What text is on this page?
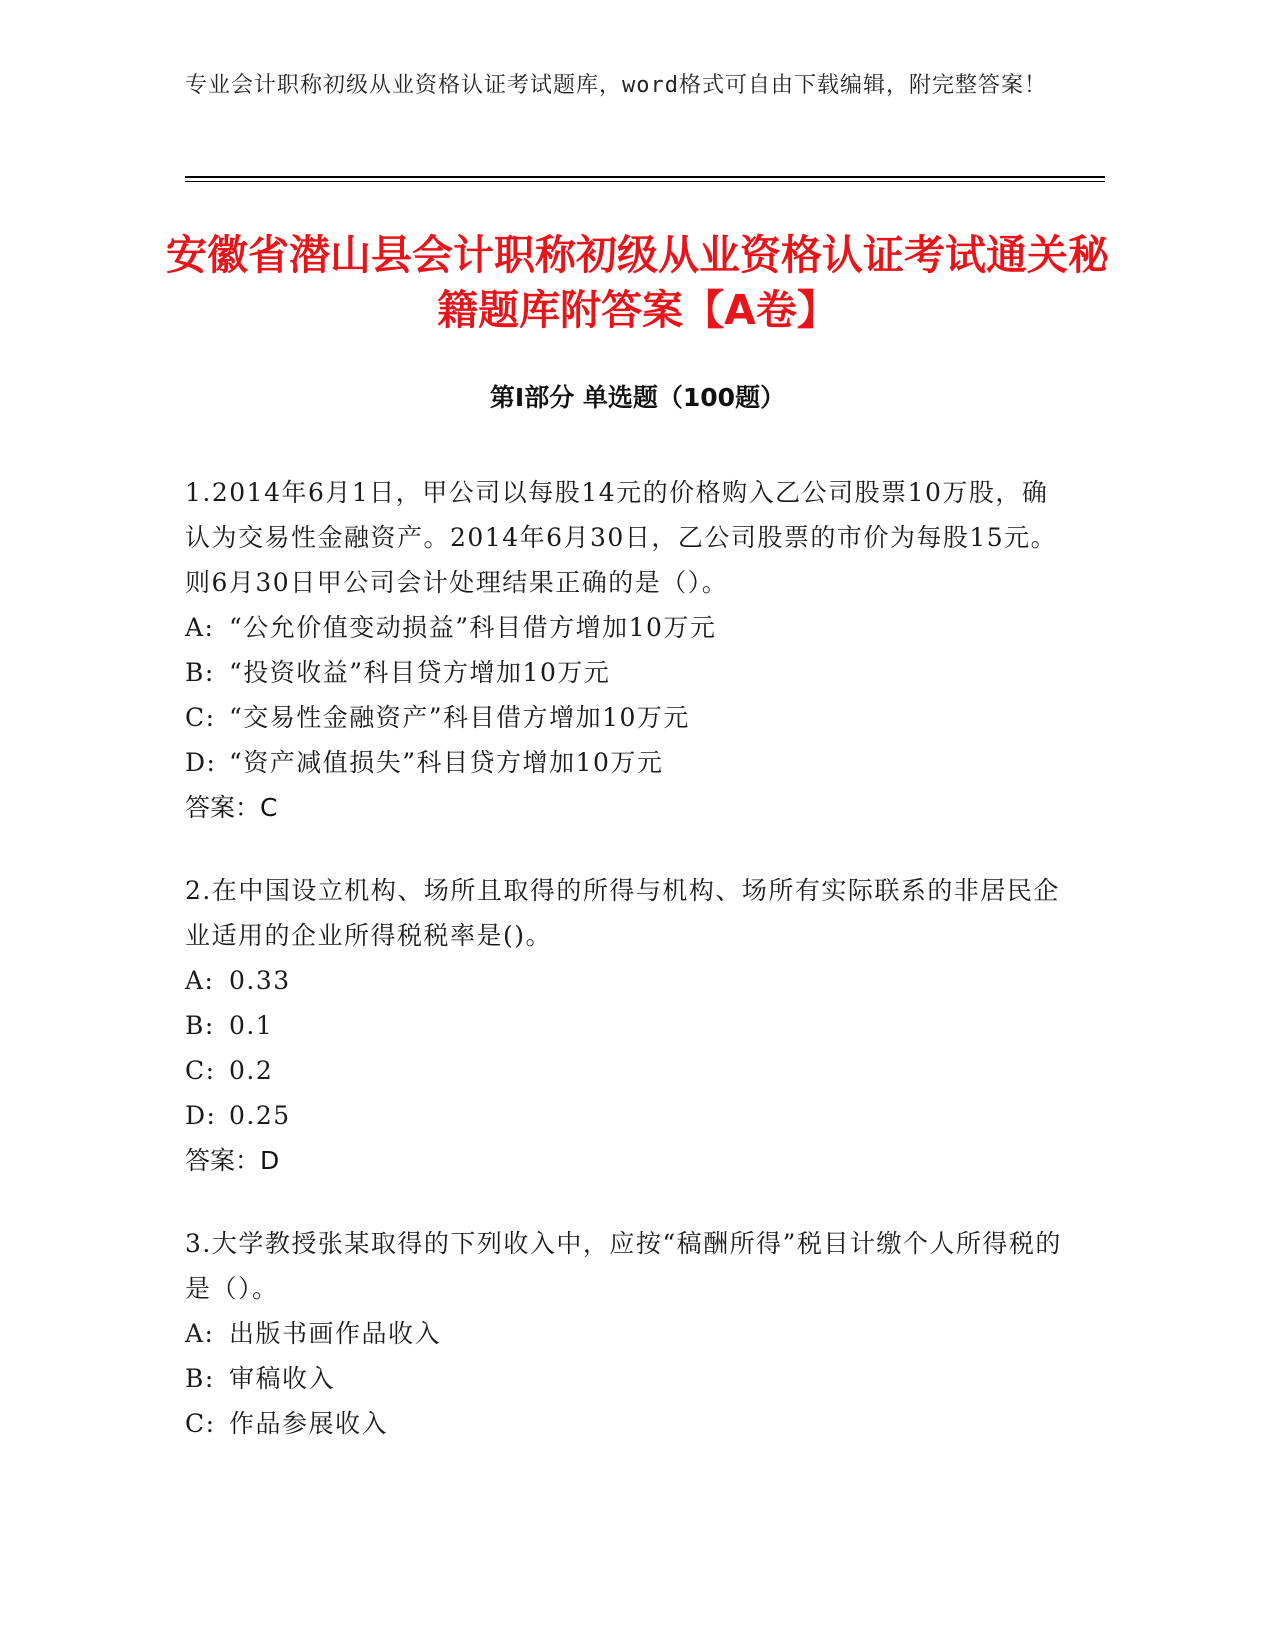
专业会计职称初级从业资格认证考试题库，word格式可自由下载编辑，附完整答案！
安徽省潜山县会计职称初级从业资格认证考试通关秘籍题库附答案【A卷】
第Ⅰ部分 单选题（100题）

1.2014年6月1日，甲公司以每股14元的价格购入乙公司股票10万股，确认为交易性金融资产。2014年6月30日，乙公司股票的市价为每股15元。则6月30日甲公司会计处理结果正确的是（）。

A: “公允价值变动损益”科目借方增加10万元
B: “投资收益”科目贷方增加10万元
C: “交易性金融资产”科目借方增加10万元
D: “资产减值损失”科目贷方增加10万元
答案：C

2.在中国设立机构、场所且取得的所得与机构、场所有实际联系的非居民企业适用的企业所得税税率是()。

A: 0.33
B: 0.1
C: 0.2
D: 0.25
答案：D

3.大学教授张某取得的下列收入中，应按“稿酬所得”税目计缴个人所得税的是（）。

A: 出版书画作品收入
B: 审稿收入
C: 作品参展收入
